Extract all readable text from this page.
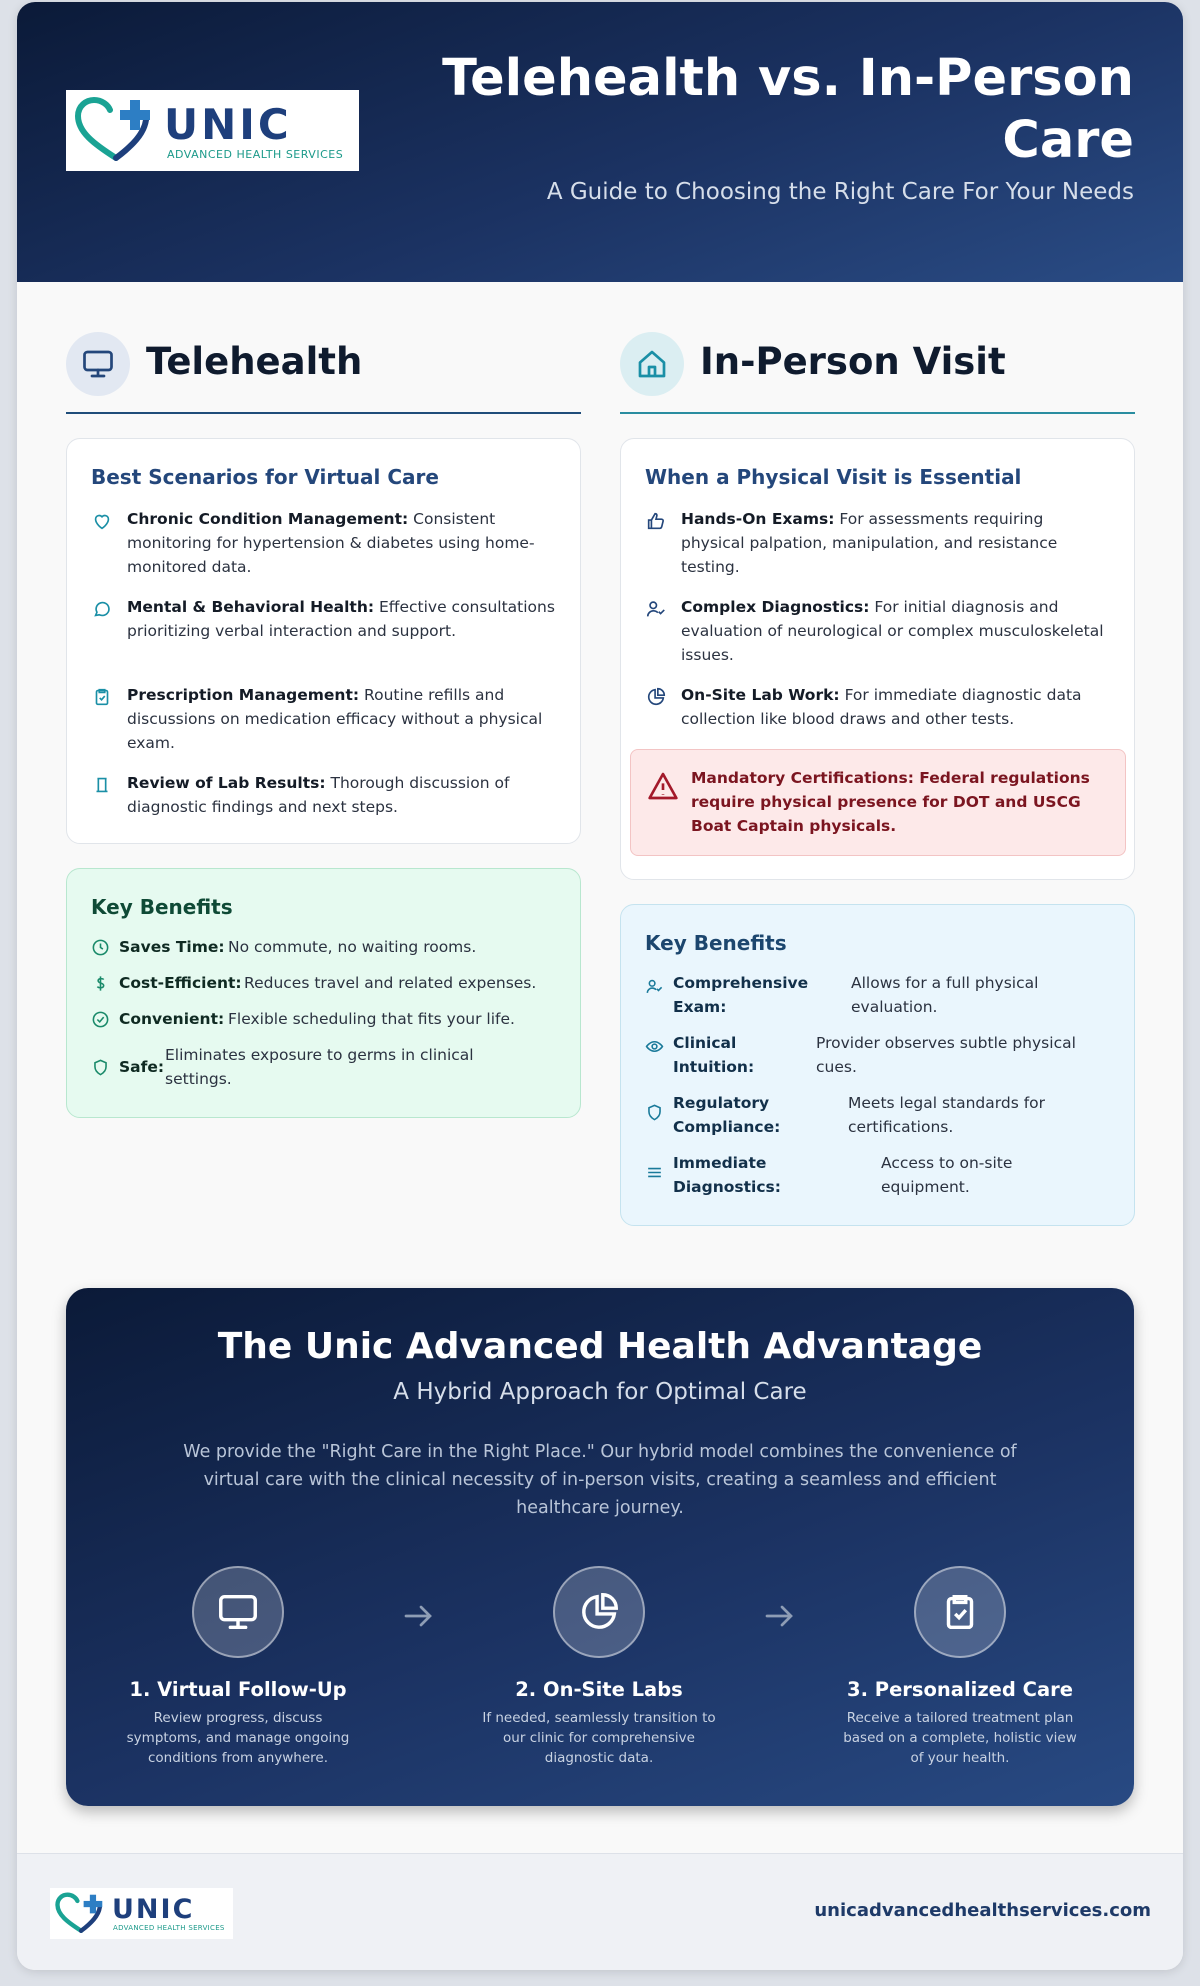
UNIC
ADVANCED HEALTH SERVICES
Telehealth vs. In-Person Care
A Guide to Choosing the Right Care For Your Needs
Telehealth
Best Scenarios for Virtual Care
Chronic Condition Management: Consistent monitoring for hypertension & diabetes using home-monitored data.
Mental & Behavioral Health: Effective consultations prioritizing verbal interaction and support.
Prescription Management: Routine refills and discussions on medication efficacy without a physical exam.
Review of Lab Results: Thorough discussion of diagnostic findings and next steps.
Key Benefits
Saves Time: No commute, no waiting rooms.
Cost-Efficient: Reduces travel and related expenses.
Convenient: Flexible scheduling that fits your life.
Safe:
Eliminates exposure to germs in clinical settings.
In-Person Visit
When a Physical Visit is Essential
Hands-On Exams: For assessments requiring physical palpation, manipulation, and resistance testing.
Complex Diagnostics: For initial diagnosis and evaluation of neurological or complex musculoskeletal issues.
On-Site Lab Work: For immediate diagnostic data collection like blood draws and other tests.
Mandatory Certifications: Federal regulations require physical presence for DOT and USCG Boat Captain physicals.
Key Benefits
Comprehensive Exam:
Allows for a full physical evaluation.
Clinical Intuition:
Provider observes subtle physical cues.
Regulatory Compliance:
Meets legal standards for certifications.
Immediate Diagnostics:
Access to on-site equipment.
The Unic Advanced Health Advantage
A Hybrid Approach for Optimal Care
We provide the "Right Care in the Right Place." Our hybrid model combines the convenience of virtual care with the clinical necessity of in-person visits, creating a seamless and efficient healthcare journey.
1. Virtual Follow-Up
Review progress, discuss symptoms, and manage ongoing conditions from anywhere.
2. On-Site Labs
If needed, seamlessly transition to our clinic for comprehensive diagnostic data.
3. Personalized Care
Receive a tailored treatment plan based on a complete, holistic view of your health.
UNIC
ADVANCED HEALTH SERVICES
unicadvancedhealthservices.com
